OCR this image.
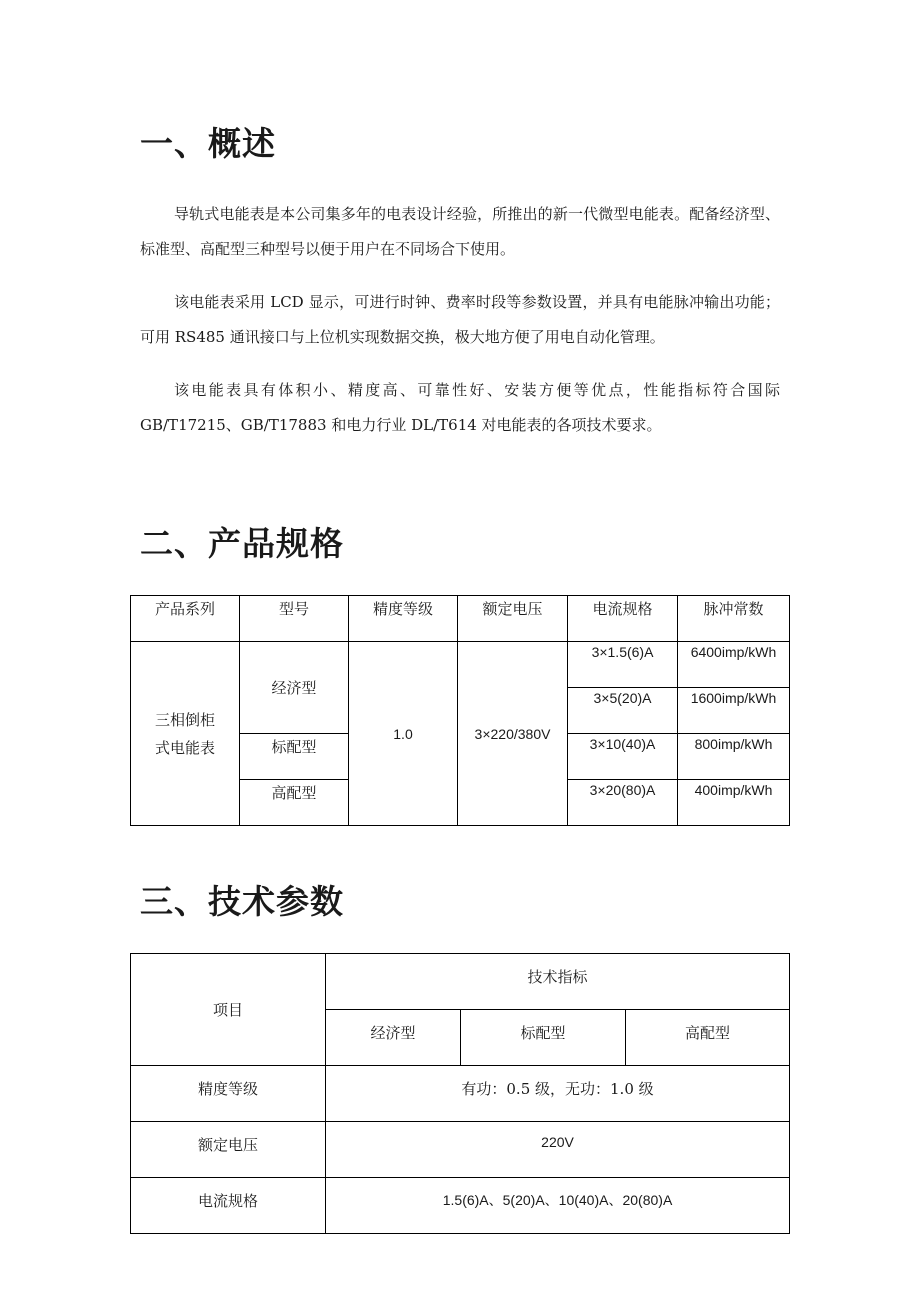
一、概述

导轨式电能表是本公司集多年的电表设计经验，所推出的新一代微型电能表。配备经济型、标准型、高配型三种型号以便于用户在不同场合下使用。

该电能表采用 LCD 显示，可进行时钟、费率时段等参数设置，并具有电能脉冲输出功能；可用 RS485 通讯接口与上位机实现数据交换，极大地方便了用电自动化管理。

该电能表具有体积小、精度高、可靠性好、安装方便等优点，性能指标符合国际 GB/T17215、GB/T17883 和电力行业 DL/T614 对电能表的各项技术要求。

二、产品规格
产品系列	型号	精度等级	额定电压	电流规格	脉冲常数
三相倒柜式电能表	经济型	1.0	3×220/380V	3×1.5(6)A	6400imp/kWh
				3×5(20)A	1600imp/kWh
	标配型			3×10(40)A	800imp/kWh
	高配型			3×20(80)A	400imp/kWh
三、技术参数
项目	技术指标		
	经济型	标配型	高配型
精度等级	有功：0.5 级，无功：1.0 级		
额定电压	220V		
电流规格	1.5(6)A、5(20)A、10(40)A、20(80)A		
